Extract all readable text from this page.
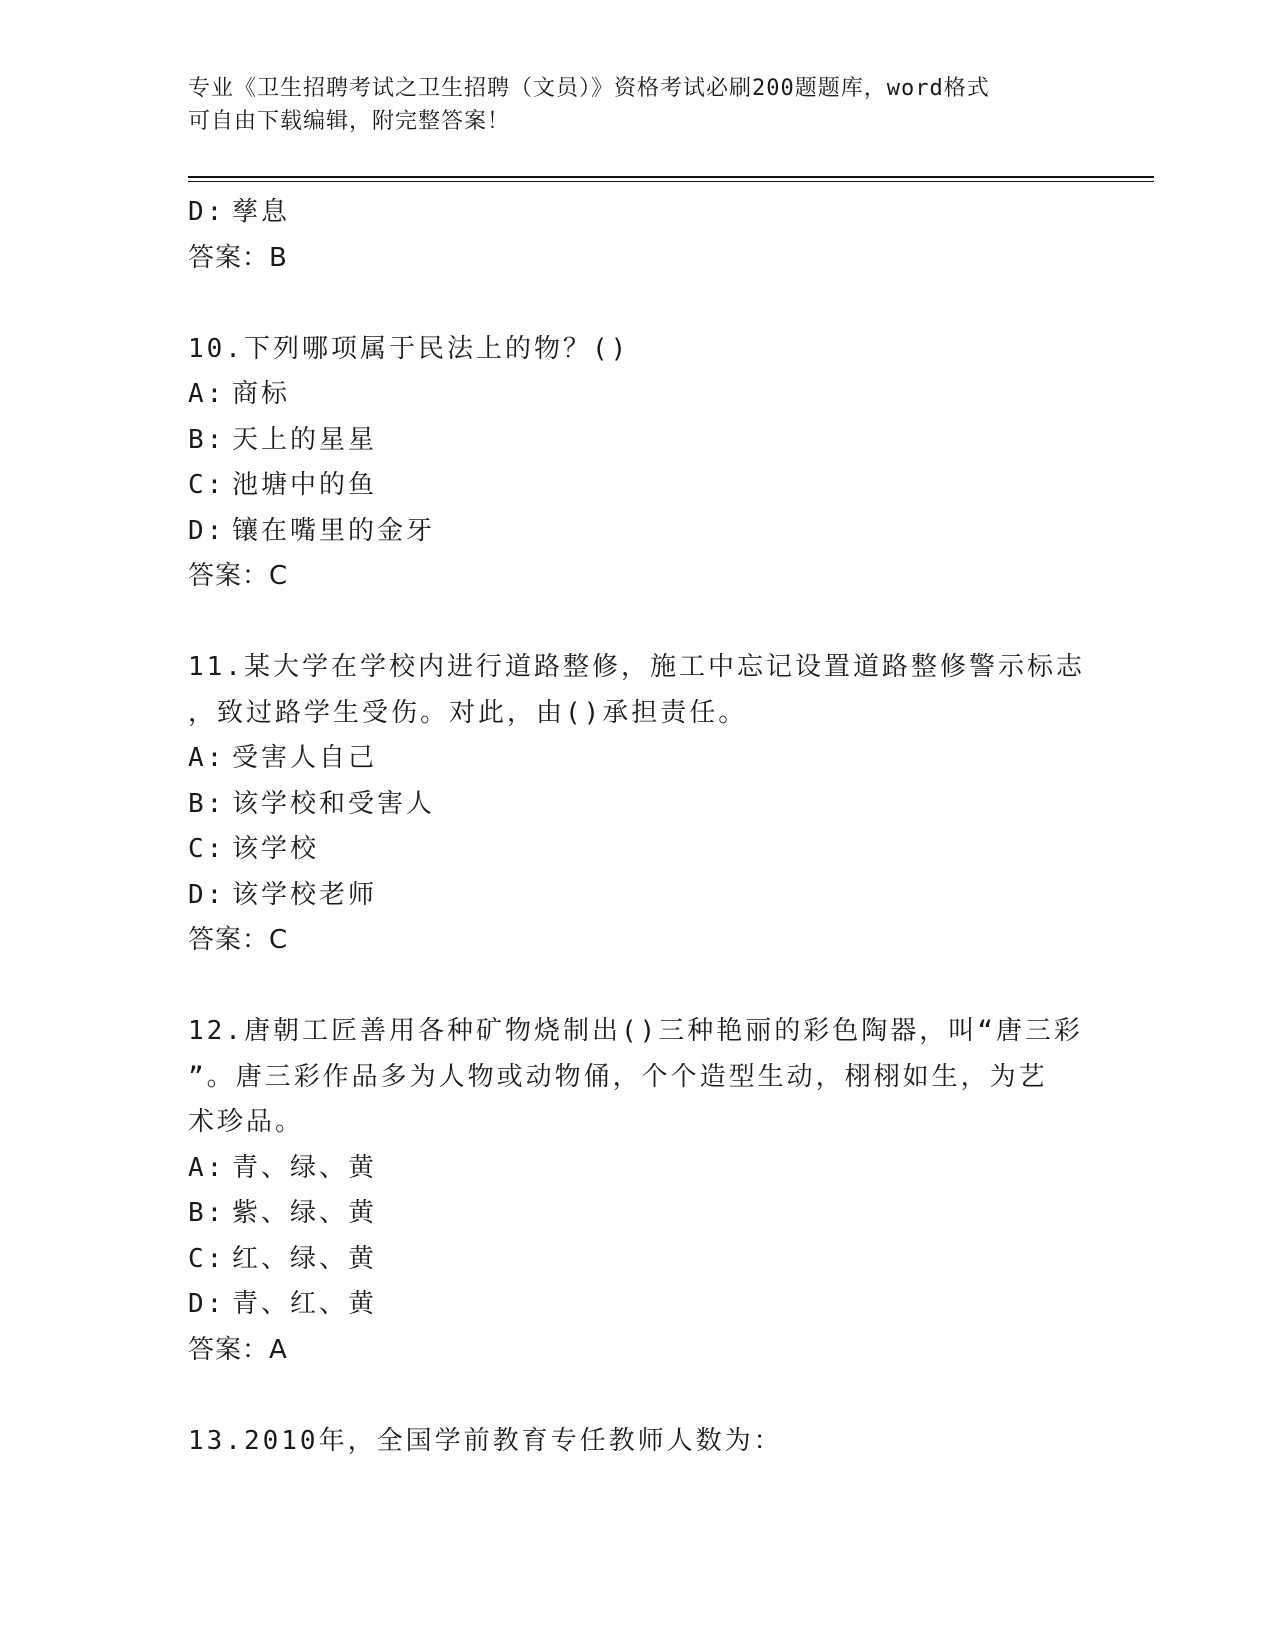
专业《卫生招聘考试之卫生招聘（文员）》资格考试必刷200题题库，word格式
可自由下载编辑，附完整答案！
D: 孳息
答案：B
10.下列哪项属于民法上的物？()
A: 商标
B: 天上的星星
C: 池塘中的鱼
D: 镶在嘴里的金牙
答案：C
11.某大学在学校内进行道路整修，施工中忘记设置道路整修警示标志
，致过路学生受伤。对此，由()承担责任。
A: 受害人自己
B: 该学校和受害人
C: 该学校
D: 该学校老师
答案：C
12.唐朝工匠善用各种矿物烧制出()三种艳丽的彩色陶器，叫“唐三彩
”。唐三彩作品多为人物或动物俑，个个造型生动，栩栩如生，为艺
术珍品。
A: 青、绿、黄
B: 紫、绿、黄
C: 红、绿、黄
D: 青、红、黄
答案：A
13.2010年，全国学前教育专任教师人数为：
